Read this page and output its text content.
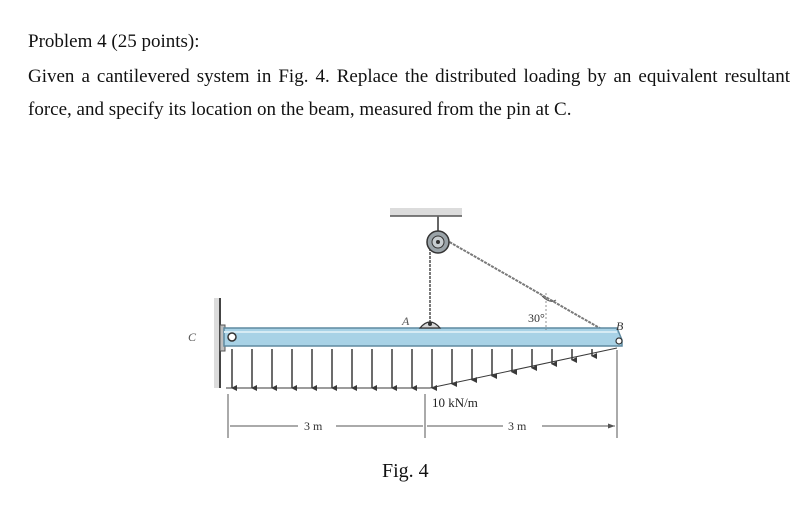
Problem 4 (25 points):

Given a cantilevered system in Fig. 4. Replace the distributed loading by an equivalent resultant force, and specify its location on the beam, measured from the pin at C.

C
A	B
30°
10 kN/m
3 m	3 m

Fig. 4
